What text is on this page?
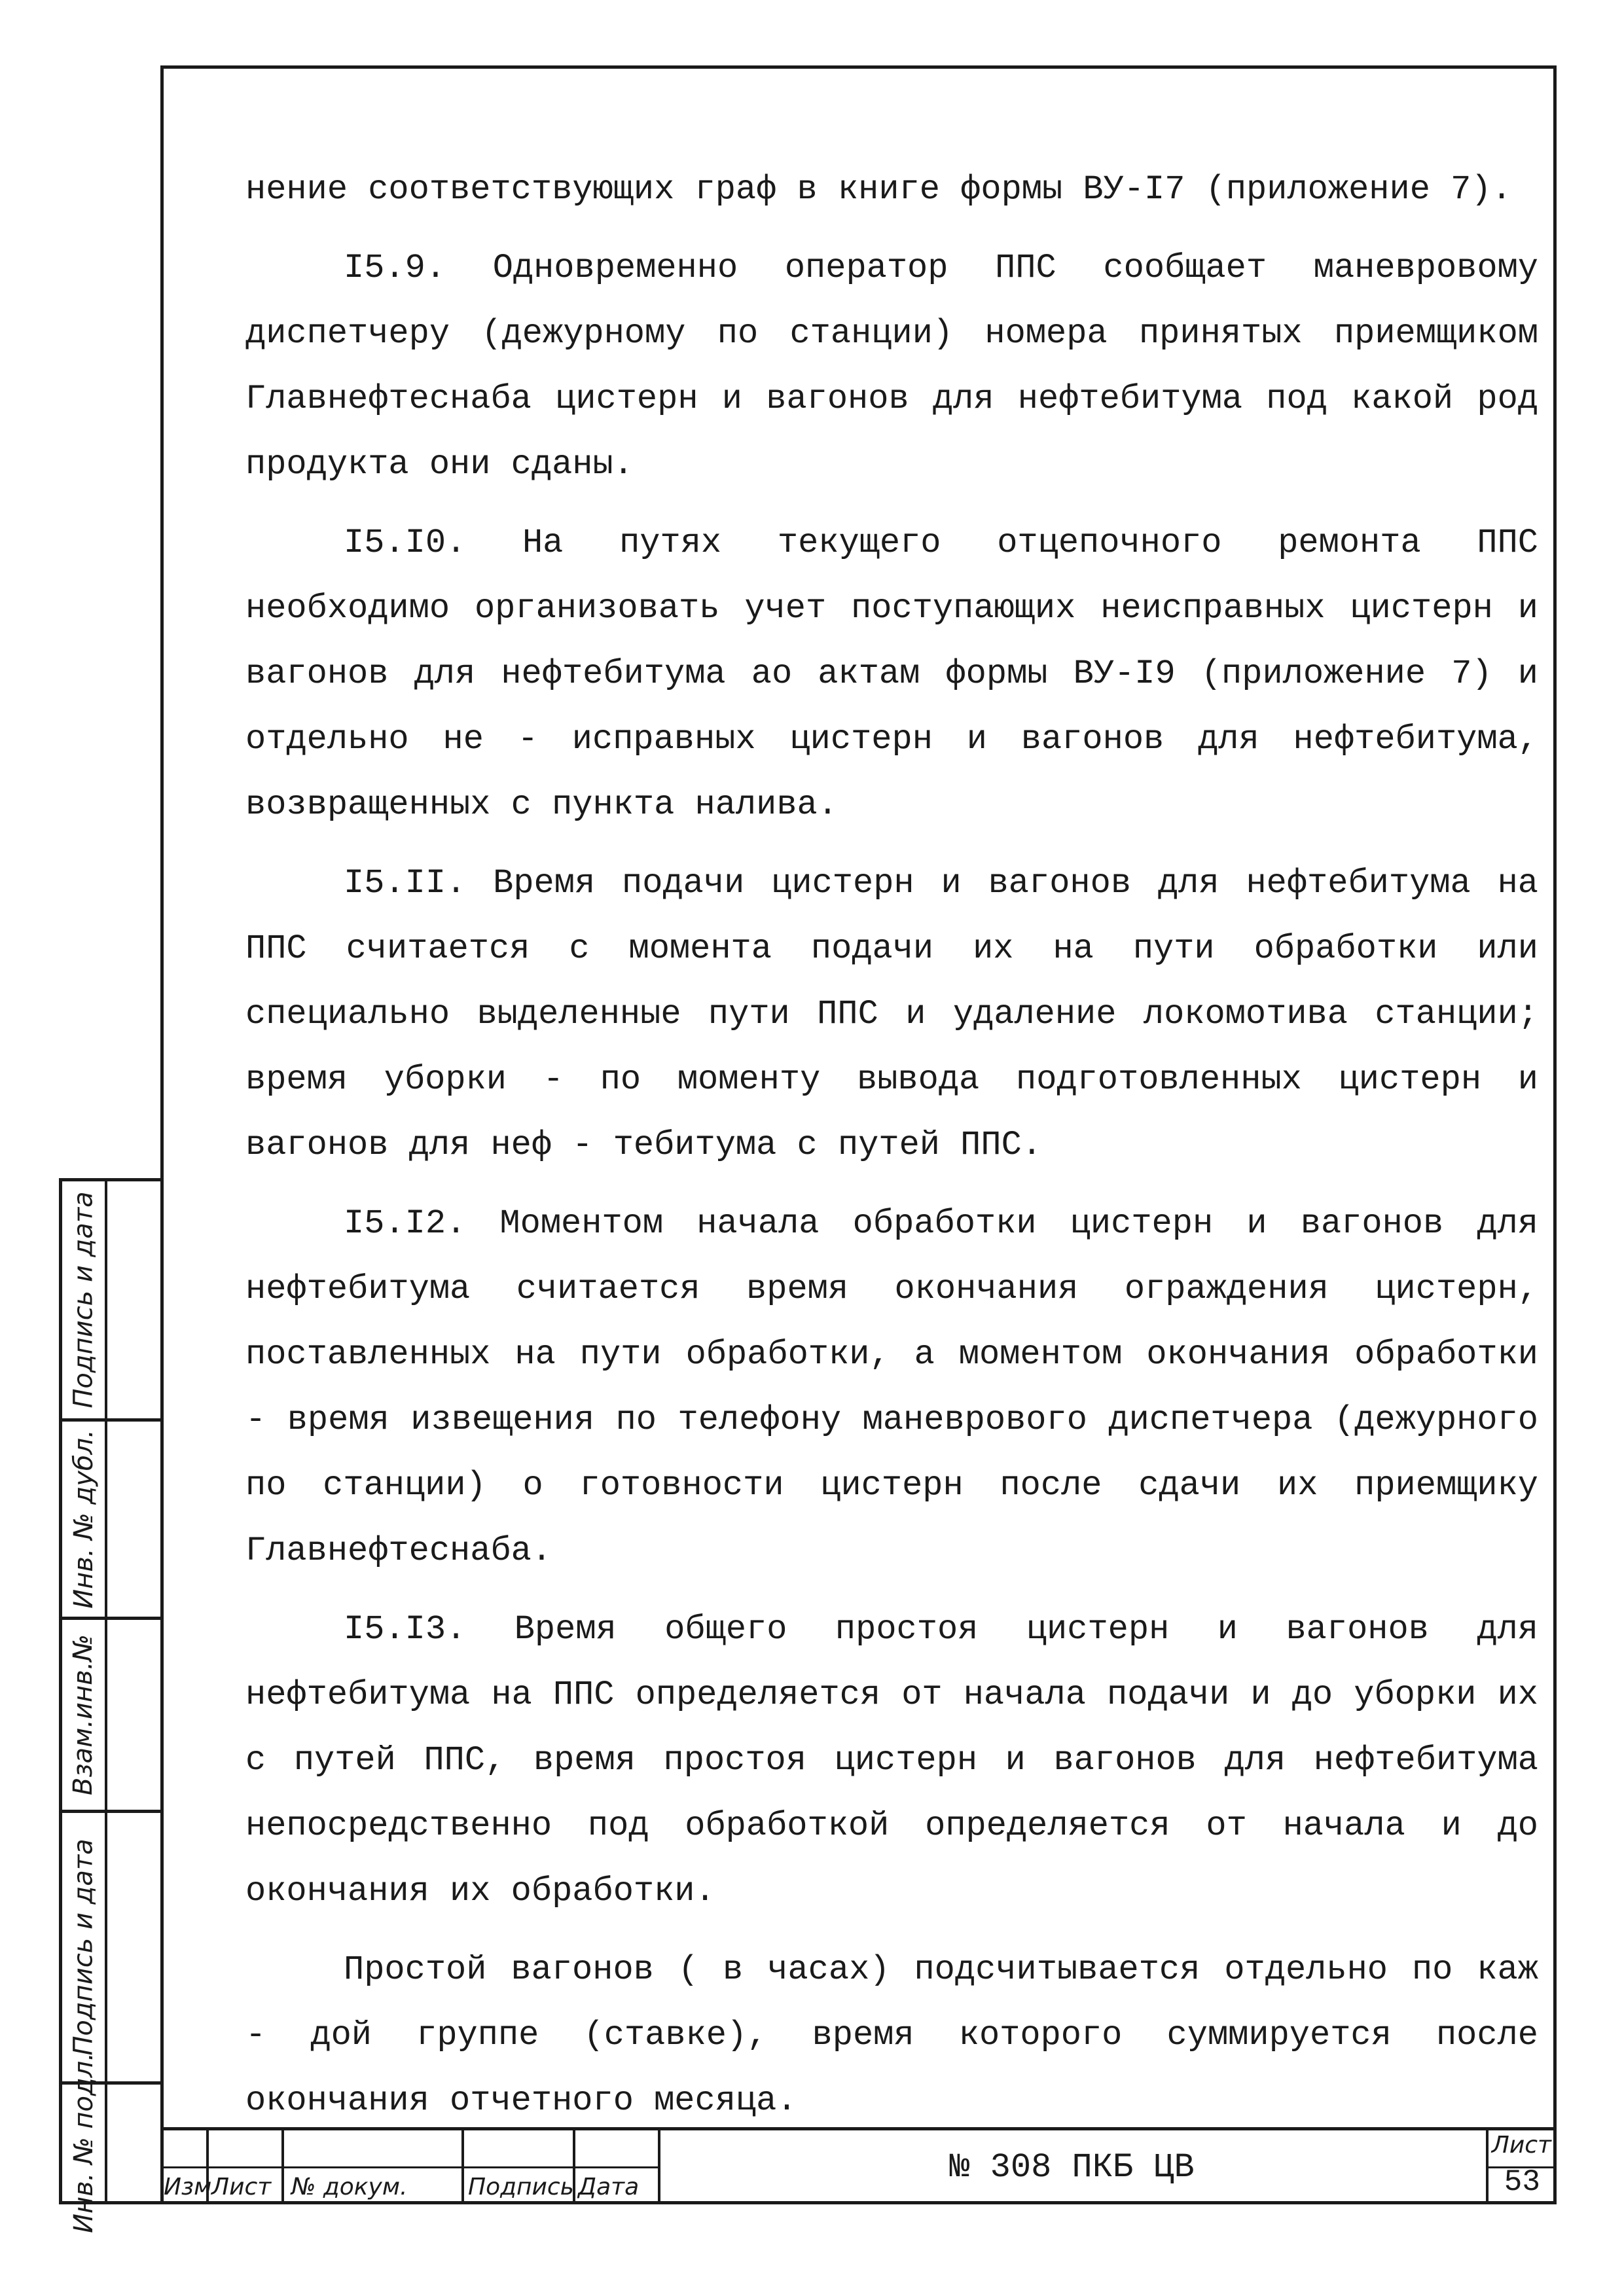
нение соответствующих граф в книге формы ВУ-I7 (приложение 7).

I5.9. Одновременно оператор ППС сообщает маневровому диспетчеру (дежурному по станции) номера принятых приемщиком Главнефтеснаба цистерн и вагонов для нефтебитума под какой род продукта они сданы.

I5.I0. На путях текущего отцепочного ремонта ППС необходимо организовать учет поступающих неисправных цистерн и вагонов для нефтебитума ао актам формы ВУ-I9 (приложение 7) и отдельно не - исправных цистерн и вагонов для нефтебитума, возвращенных с пункта налива.

I5.II. Время подачи цистерн и вагонов для нефтебитума на ППС считается с момента подачи их на пути обработки или специально выделенные пути ППС и удаление локомотива станции; время уборки - по моменту вывода подготовленных цистерн и вагонов для неф - тебитума с путей ППС.

I5.I2. Моментом начала обработки цистерн и вагонов для нефтебитума считается время окончания ограждения цистерн, поставленных на пути обработки, а моментом окончания обработки - время извещения по телефону маневрового диспетчера (дежурного по станции) о готовности цистерн после сдачи их приемщику Главнефтеснаба.

I5.I3. Время общего простоя цистерн и вагонов для нефтебитума на ППС определяется от начала подачи и до уборки их с путей ППС, время простоя цистерн и вагонов для нефтебитума непосредственно под обработкой определяется от начала и до окончания их обработки.

Простой вагонов ( в часах) подсчитывается отдельно по каж - дой группе (ставке), время которого суммируется после окончания отчетного месяца.

Подпись и дата
Инв. № дубл.
Взам.инв.№
Подпись и дата
Инв. № подл.	Изм Лист № докум.	Подпись Дата
№ 308 ПКБ ЦВ
Лист
53
